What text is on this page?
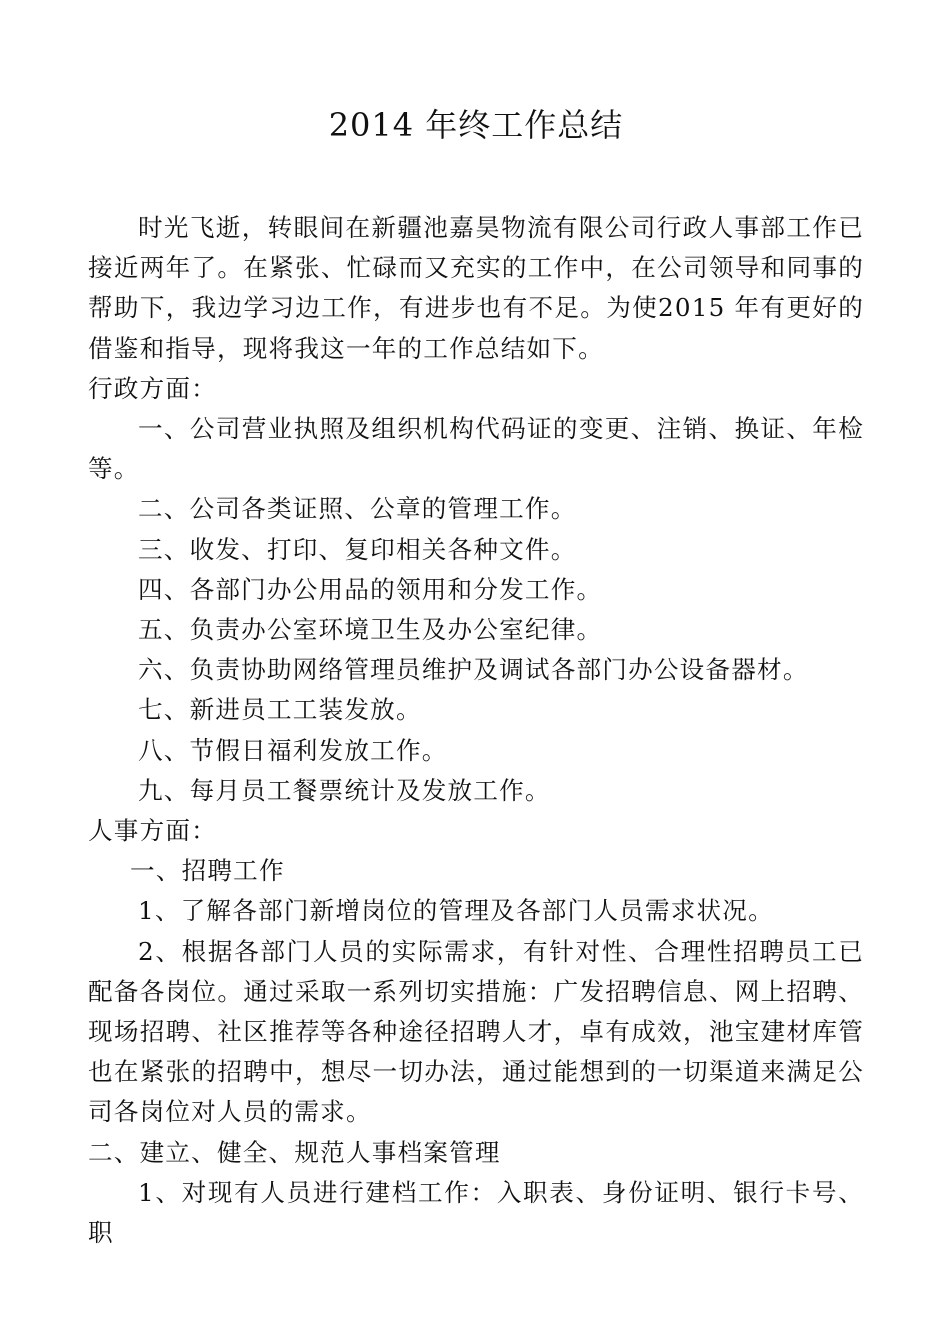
2014 年终工作总结

时光飞逝，转眼间在新疆池嘉昊物流有限公司行政人事部工作已接近两年了。在紧张、忙碌而又充实的工作中，在公司领导和同事的帮助下，我边学习边工作，有进步也有不足。为使2015 年有更好的借鉴和指导，现将我这一年的工作总结如下。

行政方面：

一、公司营业执照及组织机构代码证的变更、注销、换证、年检等。

二、公司各类证照、公章的管理工作。

三、收发、打印、复印相关各种文件。

四、各部门办公用品的领用和分发工作。

五、负责办公室环境卫生及办公室纪律。

六、负责协助网络管理员维护及调试各部门办公设备器材。

七、新进员工工装发放。

八、节假日福利发放工作。

九、每月员工餐票统计及发放工作。

人事方面：

一、招聘工作

1、了解各部门新增岗位的管理及各部门人员需求状况。

2、根据各部门人员的实际需求，有针对性、合理性招聘员工已配备各岗位。通过采取一系列切实措施：广发招聘信息、网上招聘、现场招聘、社区推荐等各种途径招聘人才，卓有成效，池宝建材库管也在紧张的招聘中，想尽一切办法，通过能想到的一切渠道来满足公司各岗位对人员的需求。

二、建立、健全、规范人事档案管理

1、对现有人员进行建档工作：入职表、身份证明、银行卡号、职
